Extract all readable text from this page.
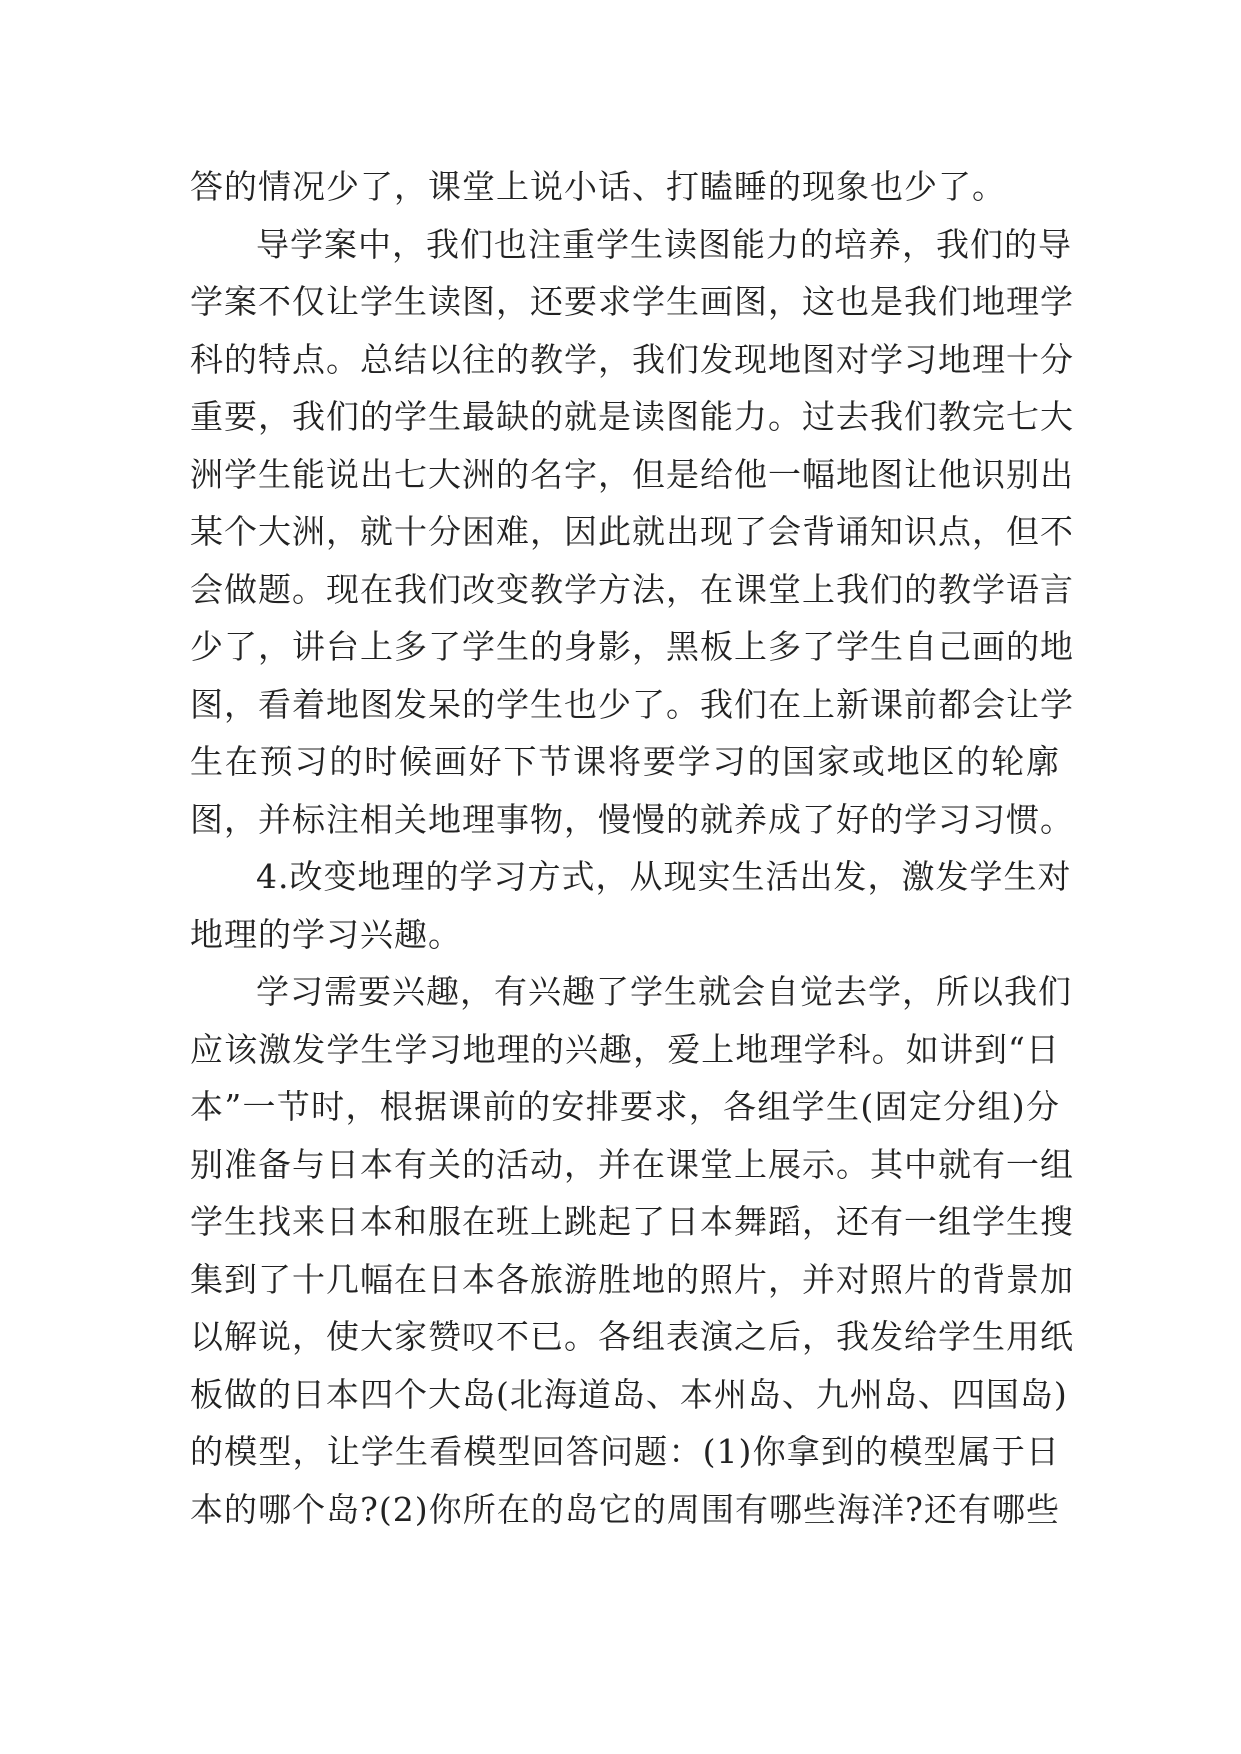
答的情况少了，课堂上说小话、打瞌睡的现象也少了。
导学案中，我们也注重学生读图能力的培养，我们的导
学案不仅让学生读图，还要求学生画图，这也是我们地理学
科的特点。总结以往的教学，我们发现地图对学习地理十分
重要，我们的学生最缺的就是读图能力。过去我们教完七大
洲学生能说出七大洲的名字，但是给他一幅地图让他识别出
某个大洲，就十分困难，因此就出现了会背诵知识点，但不
会做题。现在我们改变教学方法，在课堂上我们的教学语言
少了，讲台上多了学生的身影，黑板上多了学生自己画的地
图，看着地图发呆的学生也少了。我们在上新课前都会让学
生在预习的时候画好下节课将要学习的国家或地区的轮廓
图，并标注相关地理事物，慢慢的就养成了好的学习习惯。
4.改变地理的学习方式，从现实生活出发，激发学生对
地理的学习兴趣。
学习需要兴趣，有兴趣了学生就会自觉去学，所以我们
应该激发学生学习地理的兴趣，爱上地理学科。如讲到“日
本”一节时，根据课前的安排要求，各组学生(固定分组)分
别准备与日本有关的活动，并在课堂上展示。其中就有一组
学生找来日本和服在班上跳起了日本舞蹈，还有一组学生搜
集到了十几幅在日本各旅游胜地的照片，并对照片的背景加
以解说，使大家赞叹不已。各组表演之后，我发给学生用纸
板做的日本四个大岛(北海道岛、本州岛、九州岛、四国岛)
的模型，让学生看模型回答问题：(1)你拿到的模型属于日
本的哪个岛?(2)你所在的岛它的周围有哪些海洋?还有哪些
